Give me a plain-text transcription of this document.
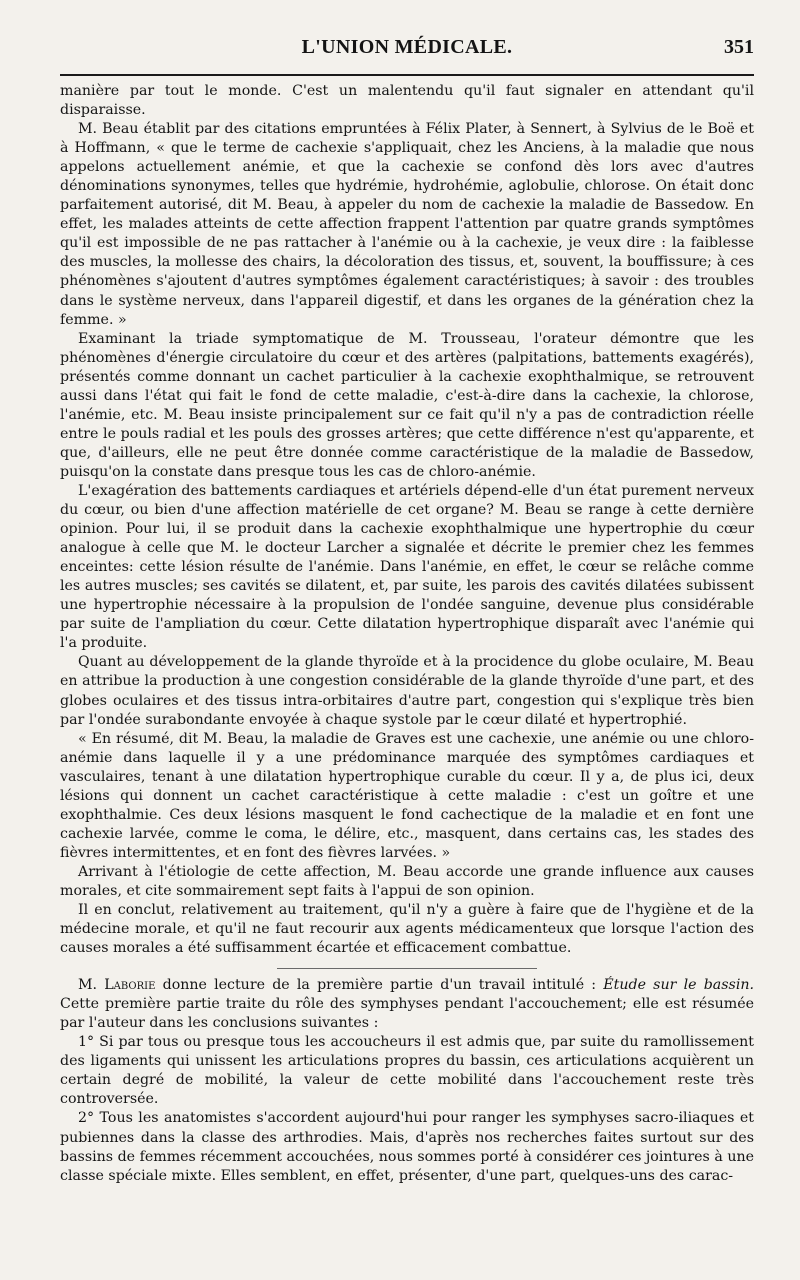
L'UNION MÉDICALE.	351

manière par tout le monde. C'est un malentendu qu'il faut signaler en attendant qu'il disparaisse.

M. Beau établit par des citations empruntées à Félix Plater, à Sennert, à Sylvius de le Boë et à Hoffmann, « que le terme de cachexie s'appliquait, chez les Anciens, à la maladie que nous appelons actuellement anémie, et que la cachexie se confond dès lors avec d'autres dénominations synonymes, telles que hydrémie, hydrohémie, aglobulie, chlorose. On était donc parfaitement autorisé, dit M. Beau, à appeler du nom de cachexie la maladie de Bassedow. En effet, les malades atteints de cette affection frappent l'attention par quatre grands symptômes qu'il est impossible de ne pas rattacher à l'anémie ou à la cachexie, je veux dire : la faiblesse des muscles, la mollesse des chairs, la décoloration des tissus, et, souvent, la bouffissure; à ces phénomènes s'ajoutent d'autres symptômes également caractéristiques; à savoir : des troubles dans le système nerveux, dans l'appareil digestif, et dans les organes de la génération chez la femme. »

Examinant la triade symptomatique de M. Trousseau, l'orateur démontre que les phénomènes d'énergie circulatoire du cœur et des artères (palpitations, battements exagérés), présentés comme donnant un cachet particulier à la cachexie exophthalmique, se retrouvent aussi dans l'état qui fait le fond de cette maladie, c'est-à-dire dans la cachexie, la chlorose, l'anémie, etc. M. Beau insiste principalement sur ce fait qu'il n'y a pas de contradiction réelle entre le pouls radial et les pouls des grosses artères; que cette différence n'est qu'apparente, et que, d'ailleurs, elle ne peut être donnée comme caractéristique de la maladie de Bassedow, puisqu'on la constate dans presque tous les cas de chloro-anémie.

L'exagération des battements cardiaques et artériels dépend-elle d'un état purement nerveux du cœur, ou bien d'une affection matérielle de cet organe? M. Beau se range à cette dernière opinion. Pour lui, il se produit dans la cachexie exophthalmique une hypertrophie du cœur analogue à celle que M. le docteur Larcher a signalée et décrite le premier chez les femmes enceintes: cette lésion résulte de l'anémie. Dans l'anémie, en effet, le cœur se relâche comme les autres muscles; ses cavités se dilatent, et, par suite, les parois des cavités dilatées subissent une hypertrophie nécessaire à la propulsion de l'ondée sanguine, devenue plus considérable par suite de l'ampliation du cœur. Cette dilatation hypertrophique disparaît avec l'anémie qui l'a produite.

Quant au développement de la glande thyroïde et à la procidence du globe oculaire, M. Beau en attribue la production à une congestion considérable de la glande thyroïde d'une part, et des globes oculaires et des tissus intra-orbitaires d'autre part, congestion qui s'explique très bien par l'ondée surabondante envoyée à chaque systole par le cœur dilaté et hypertrophié.

« En résumé, dit M. Beau, la maladie de Graves est une cachexie, une anémie ou une chloro-anémie dans laquelle il y a une prédominance marquée des symptômes cardiaques et vasculaires, tenant à une dilatation hypertrophique curable du cœur. Il y a, de plus ici, deux lésions qui donnent un cachet caractéristique à cette maladie : c'est un goître et une exophthalmie. Ces deux lésions masquent le fond cachectique de la maladie et en font une cachexie larvée, comme le coma, le délire, etc., masquent, dans certains cas, les stades des fièvres intermittentes, et en font des fièvres larvées. »

Arrivant à l'étiologie de cette affection, M. Beau accorde une grande influence aux causes morales, et cite sommairement sept faits à l'appui de son opinion.

Il en conclut, relativement au traitement, qu'il n'y a guère à faire que de l'hygiène et de la médecine morale, et qu'il ne faut recourir aux agents médicamenteux que lorsque l'action des causes morales a été suffisamment écartée et efficacement combattue.

M. Laborie donne lecture de la première partie d'un travail intitulé : Étude sur le bassin. Cette première partie traite du rôle des symphyses pendant l'accouchement; elle est résumée par l'auteur dans les conclusions suivantes :

1° Si par tous ou presque tous les accoucheurs il est admis que, par suite du ramollissement des ligaments qui unissent les articulations propres du bassin, ces articulations acquièrent un certain degré de mobilité, la valeur de cette mobilité dans l'accouchement reste très controversée.

2° Tous les anatomistes s'accordent aujourd'hui pour ranger les symphyses sacro-iliaques et pubiennes dans la classe des arthrodies. Mais, d'après nos recherches faites surtout sur des bassins de femmes récemment accouchées, nous sommes porté à considérer ces jointures à une classe spéciale mixte. Elles semblent, en effet, présenter, d'une part, quelques-uns des carac-
